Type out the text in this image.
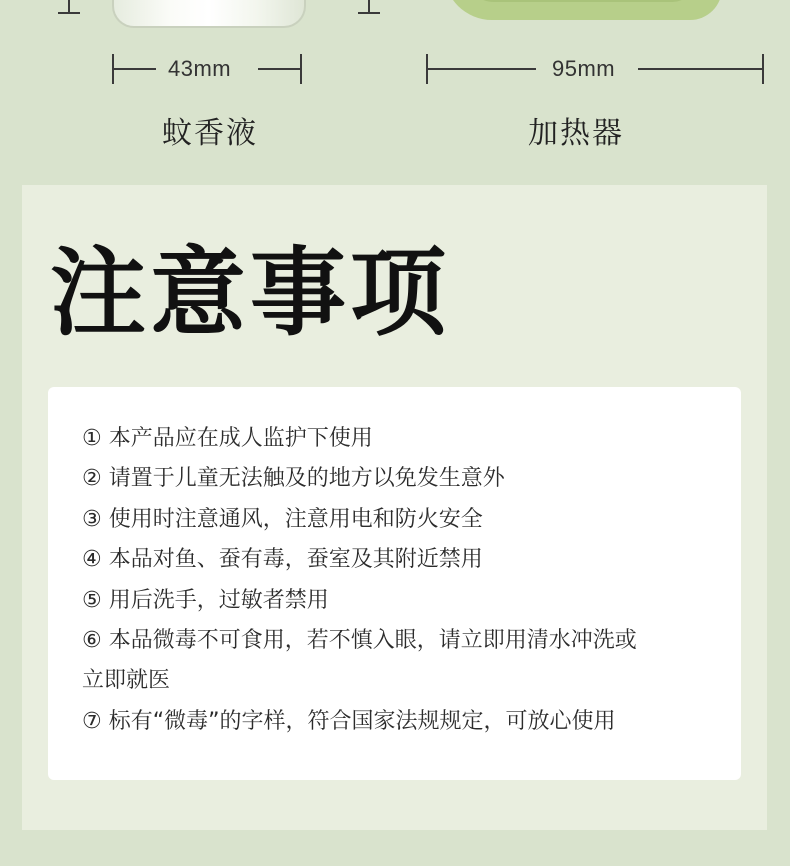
43mm	95mm
蚊香液	加热器
注意事项

① 本产品应在成人监护下使用

② 请置于儿童无法触及的地方以免发生意外

③ 使用时注意通风，注意用电和防火安全

④ 本品对鱼、蚕有毒，蚕室及其附近禁用

⑤ 用后洗手，过敏者禁用

⑥ 本品微毒不可食用，若不慎入眼，请立即用清水冲洗或

立即就医

⑦ 标有“微毒”的字样，符合国家法规规定，可放心使用
